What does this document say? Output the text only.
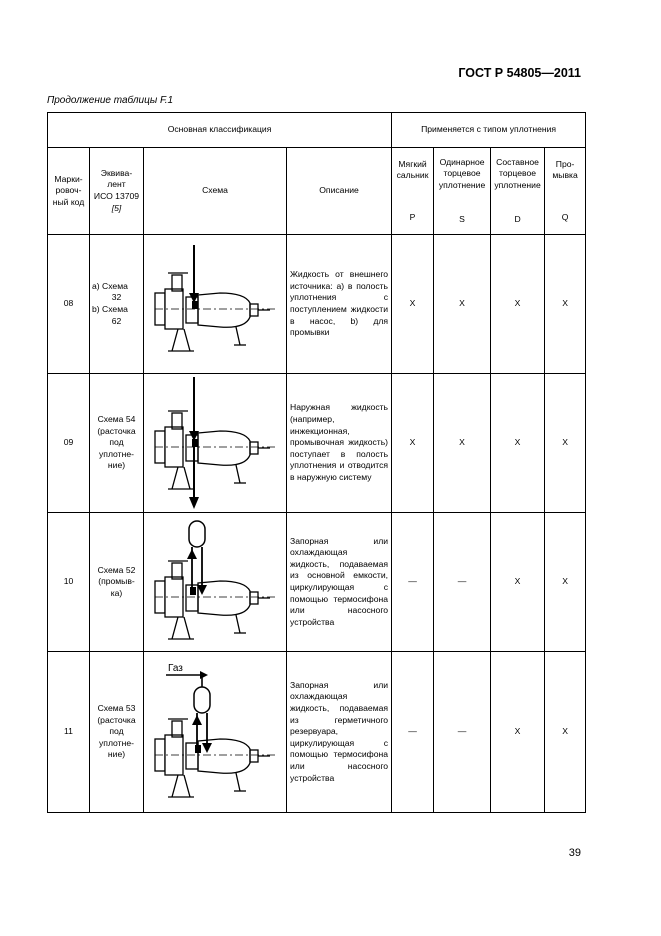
ГОСТ Р 54805—2011
Продолжение таблицы F.1
Основная классификация				Применяется с типом уплотнения			

Марки-
ровоч-
ный код	Эквива-
лент
ИСО 13709
[5]	Схема	Описание	Мягкий
сальник
P	Одинарное
торцевое
уплотнение
S	Составное
торцевое
уплотнение
D	Про-
мывка
Q

08	a) Схема
32
b) Схема
62		Жидкость от внешнего источника: a) в полость уплотнения с поступлением жидкости в насос, b) для промывки	X	X	X	X
09	Схема 54
(расточка
под
уплотне-
ние)		Наружная жидкость (например, инжекционная, промывочная жидкость) поступает в полость уплотнения и отводится в наружную систему	X	X	X	X
10	Схема 52
(промыв-
ка)		Запорная или охлаждающая жидкость, подаваемая из основной емкости, циркулирующая с помощью термосифона или насосного устройства	—	—	X	X
11	Схема 53
(расточка
под
уплотне-
ние)	Газ	Запорная или охлаждающая жидкость, подаваемая из герметичного резервуара, циркулирующая с помощью термосифона или насосного устройства	—	—	X	X
39
